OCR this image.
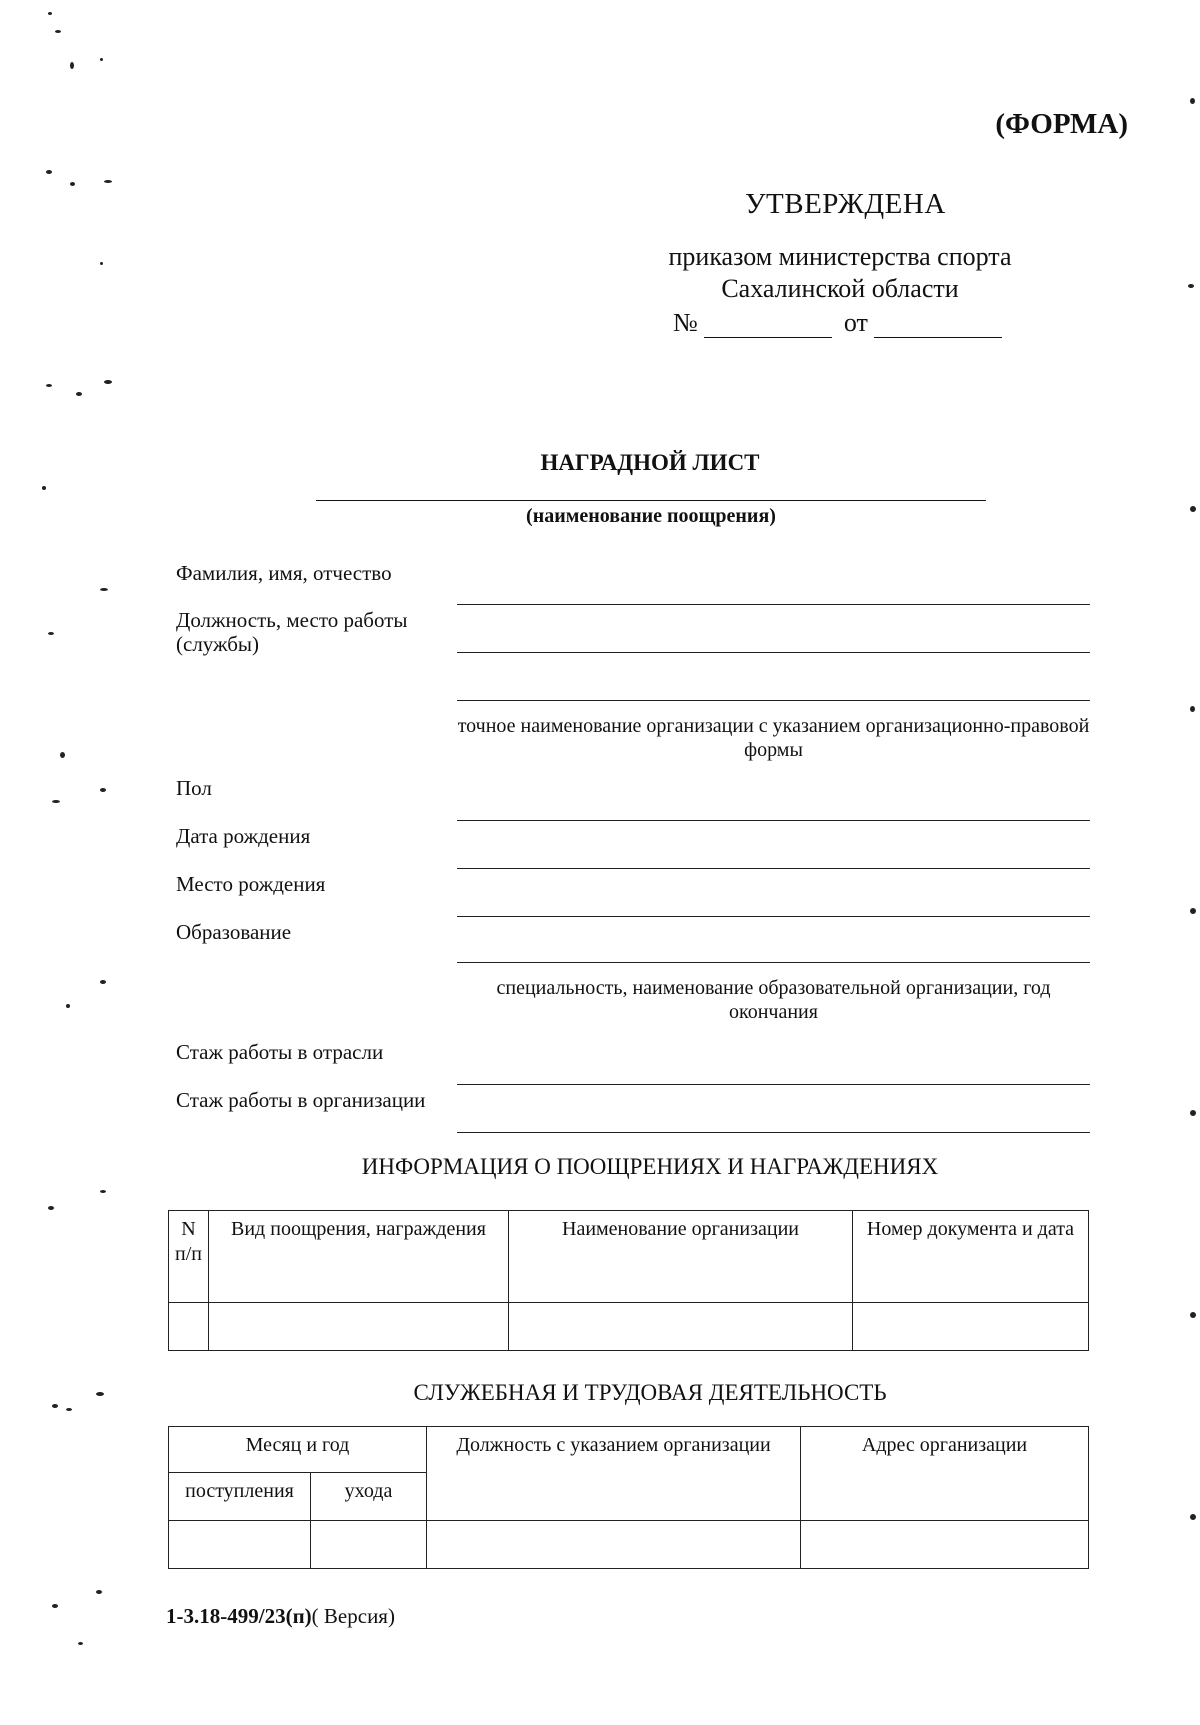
(ФОРМА)
УТВЕРЖДЕНА
приказом министерства спорта
Сахалинской области
№	от
НАГРАДНОЙ ЛИСТ
(наименование поощрения)
Фамилия, имя, отчество
Должность, место работы
(службы)
точное наименование организации с указанием организационно-правовой формы
Пол
Дата рождения
Место рождения
Образование
специальность, наименование образовательной организации, год окончания
Стаж работы в отрасли
Стаж работы в организации
ИНФОРМАЦИЯ О ПООЩРЕНИЯХ И НАГРАЖДЕНИЯХ
N п/п	Вид поощрения, награждения	Наименование организации	Номер документа и дата

СЛУЖЕБНАЯ И ТРУДОВАЯ ДЕЯТЕЛЬНОСТЬ
Месяц и год		Должность с указанием организации	Адрес организации
поступления	ухода		

1-3.18-499/23(п)( Версия)
